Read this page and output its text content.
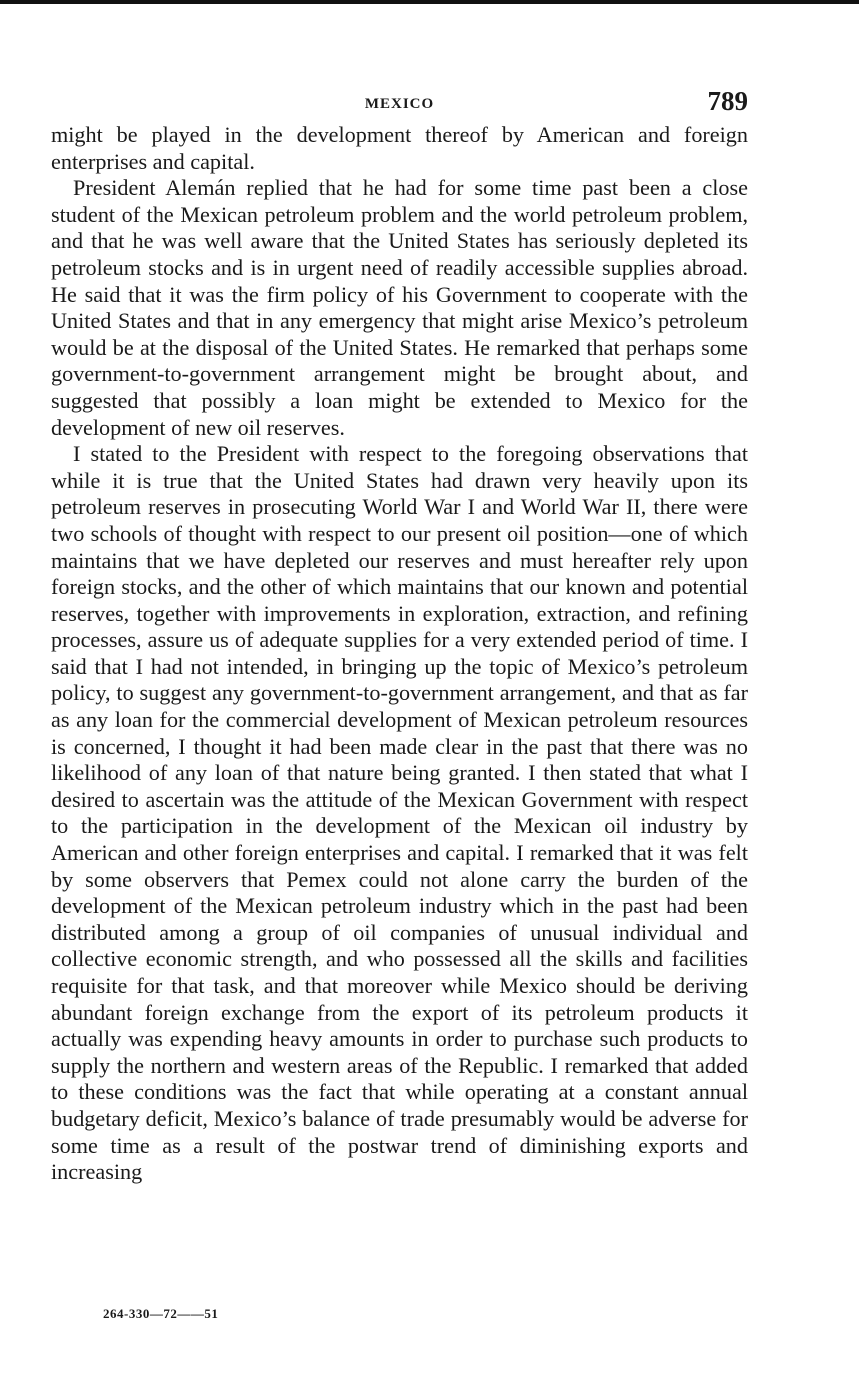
MEXICO	789

might be played in the development thereof by American and foreign enterprises and capital.

President Alemán replied that he had for some time past been a close student of the Mexican petroleum problem and the world petroleum problem, and that he was well aware that the United States has seriously depleted its petroleum stocks and is in urgent need of readily accessible supplies abroad. He said that it was the firm policy of his Government to cooperate with the United States and that in any emergency that might arise Mexico’s petroleum would be at the disposal of the United States. He remarked that perhaps some government-to-government arrangement might be brought about, and suggested that possibly a loan might be extended to Mexico for the development of new oil reserves.

I stated to the President with respect to the foregoing observations that while it is true that the United States had drawn very heavily upon its petroleum reserves in prosecuting World War I and World War II, there were two schools of thought with respect to our present oil position—one of which maintains that we have depleted our reserves and must hereafter rely upon foreign stocks, and the other of which maintains that our known and potential reserves, together with improvements in exploration, extraction, and refining processes, assure us of adequate supplies for a very extended period of time. I said that I had not intended, in bringing up the topic of Mexico’s petroleum policy, to suggest any government-to-government arrangement, and that as far as any loan for the commercial development of Mexican petroleum resources is concerned, I thought it had been made clear in the past that there was no likelihood of any loan of that nature being granted. I then stated that what I desired to ascertain was the attitude of the Mexican Government with respect to the participation in the development of the Mexican oil industry by American and other foreign enterprises and capital. I remarked that it was felt by some observers that Pemex could not alone carry the burden of the development of the Mexican petroleum industry which in the past had been distributed among a group of oil companies of unusual individual and collective economic strength, and who possessed all the skills and facilities requisite for that task, and that moreover while Mexico should be deriving abundant foreign exchange from the export of its petroleum products it actually was expending heavy amounts in order to purchase such products to supply the northern and western areas of the Republic. I remarked that added to these conditions was the fact that while operating at a constant annual budgetary deficit, Mexico’s balance of trade presumably would be adverse for some time as a result of the postwar trend of diminishing exports and increasing

264-330—72——51
